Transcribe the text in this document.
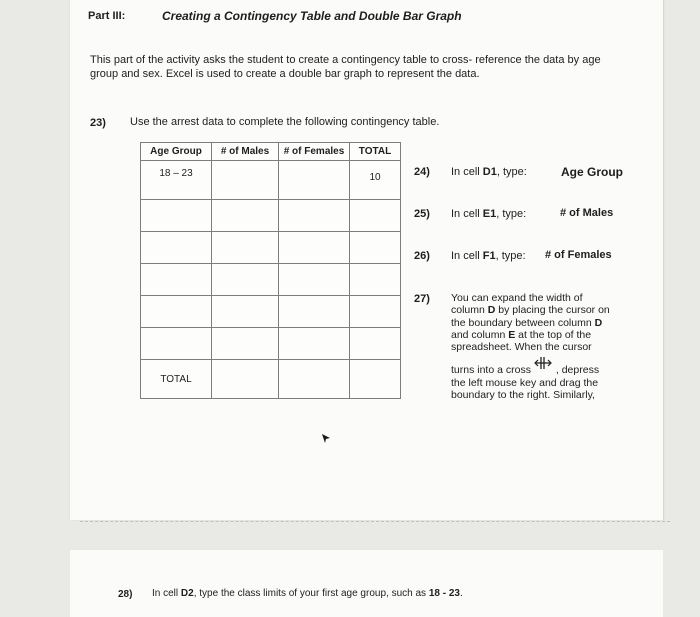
Part III:	Creating a Contingency Table and Double Bar Graph
This part of the activity asks the student to create a contingency table to cross- reference the data by age group and sex. Excel is used to create a double bar graph to represent the data.
23) Use the arrest data to complete the following contingency table.
Age Group	# of Males	# of Females	TOTAL
18 – 23			10

TOTAL			
24) In cell D1, type:	Age Group
25) In cell E1, type:	# of Males
26) In cell F1, type: # of Females
27) You can expand the width of
column D by placing the cursor on
the boundary between column D
and column E at the top of the
spreadsheet. When the cursor
turns into a cross , depress
the left mouse key and drag the
boundary to the right. Similarly,
28) In cell D2, type the class limits of your first age group, such as 18 - 23.
